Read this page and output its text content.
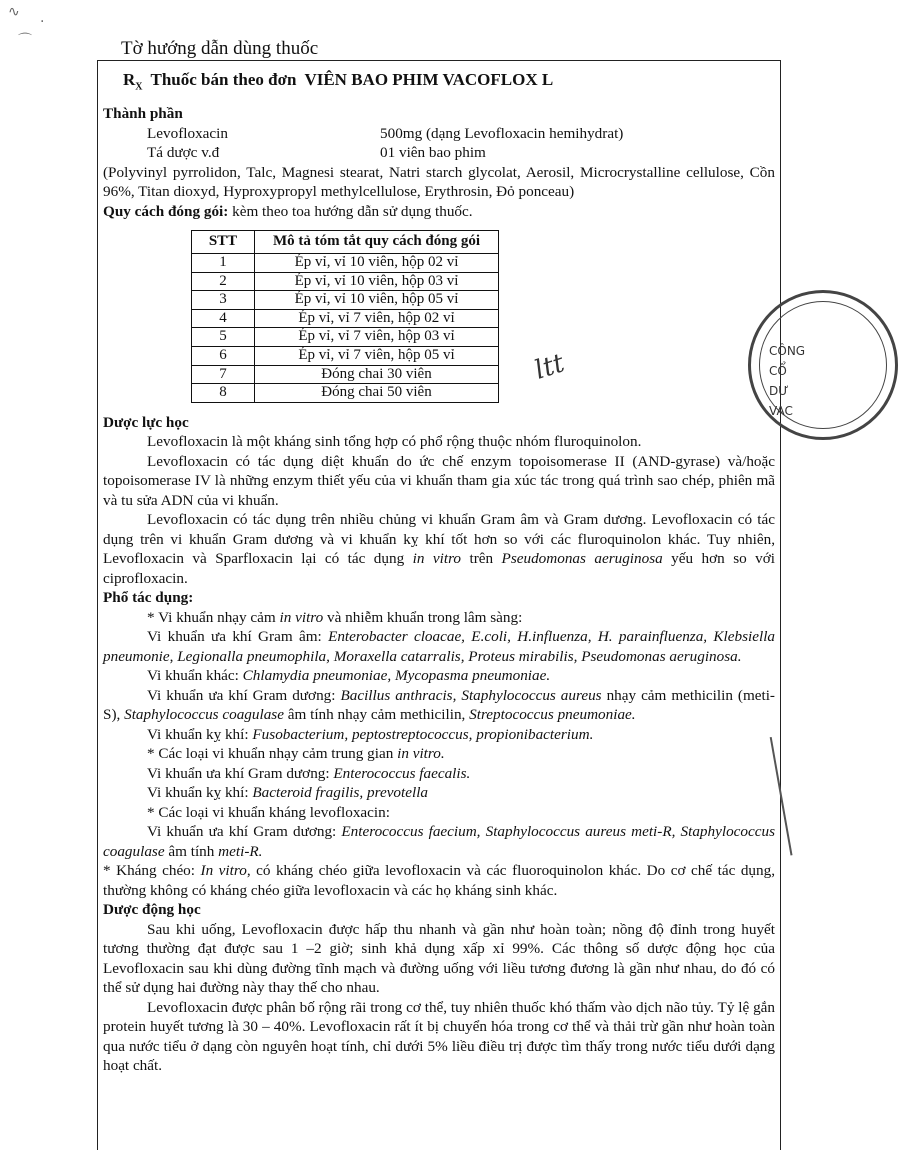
∿
·
⌒	Tờ hướng dẫn dùng thuốc
$R_X$ Thuốc bán theo đơn VIÊN BAO PHIM VACOFLOX L

Thành phần

Levofloxacin	500mg (dạng Levofloxacin hemihydrat)
Tá dược v.đ	01 viên bao phim

(Polyvinyl pyrrolidon, Talc, Magnesi stearat, Natri starch glycolat, Aerosil, Microcrystalline cellulose, Cồn 96%, Titan dioxyd, Hyproxypropyl methylcellulose, Erythrosin, Đỏ ponceau)

Quy cách đóng gói: kèm theo toa hướng dẫn sử dụng thuốc.

STT	Mô tả tóm tắt quy cách đóng gói
1	Ép vỉ, vỉ 10 viên, hộp 02 vỉ
2	Ép vỉ, vỉ 10 viên, hộp 03 vỉ
3	Ép vỉ, vỉ 10 viên, hộp 05 vỉ
4	Ép vỉ, vỉ 7 viên, hộp 02 vỉ
5	Ép vỉ, vỉ 7 viên, hộp 03 vỉ
6	Ép vỉ, vỉ 7 viên, hộp 05 vỉ
7	Đóng chai 30 viên
8	Đóng chai 50 viên

Dược lực học

Levofloxacin là một kháng sinh tổng hợp có phổ rộng thuộc nhóm fluroquinolon.

Levofloxacin có tác dụng diệt khuẩn do ức chế enzym topoisomerase II (AND-gyrase) và/hoặc topoisomerase IV là những enzym thiết yếu của vi khuẩn tham gia xúc tác trong quá trình sao chép, phiên mã và tu sửa ADN của vi khuẩn.

Levofloxacin có tác dụng trên nhiều chủng vi khuẩn Gram âm và Gram dương. Levofloxacin có tác dụng trên vi khuẩn Gram dương và vi khuẩn kỵ khí tốt hơn so với các fluroquinolon khác. Tuy nhiên, Levofloxacin và Sparfloxacin lại có tác dụng in vitro trên Pseudomonas aeruginosa yếu hơn so với ciprofloxacin.

Phổ tác dụng:

* Vi khuẩn nhạy cảm in vitro và nhiễm khuẩn trong lâm sàng:

Vi khuẩn ưa khí Gram âm: Enterobacter cloacae, E.coli, H.influenza, H. parainfluenza, Klebsiella pneumonie, Legionalla pneumophila, Moraxella catarralis, Proteus mirabilis, Pseudomonas aeruginosa.

Vi khuẩn khác: Chlamydia pneumoniae, Mycopasma pneumoniae.

Vi khuẩn ưa khí Gram dương: Bacillus anthracis, Staphylococcus aureus nhạy cảm methicilin (meti-S), Staphylococcus coagulase âm tính nhạy cảm methicilin, Streptococcus pneumoniae.

Vi khuẩn kỵ khí: Fusobacterium, peptostreptococcus, propionibacterium.

* Các loại vi khuẩn nhạy cảm trung gian in vitro.

Vi khuẩn ưa khí Gram dương: Enterococcus faecalis.

Vi khuẩn kỵ khí: Bacteroid fragilis, prevotella

* Các loại vi khuẩn kháng levofloxacin:

Vi khuẩn ưa khí Gram dương: Enterococcus faecium, Staphylococcus aureus meti-R, Staphylococcus coagulase âm tính meti-R.

* Kháng chéo: In vitro, có kháng chéo giữa levofloxacin và các fluoroquinolon khác. Do cơ chế tác dụng, thường không có kháng chéo giữa levofloxacin và các họ kháng sinh khác.

Dược động học

Sau khi uống, Levofloxacin được hấp thu nhanh và gần như hoàn toàn; nồng độ đỉnh trong huyết tương thường đạt được sau 1 –2 giờ; sinh khả dụng xấp xỉ 99%. Các thông số dược động học của Levofloxacin sau khi dùng đường tĩnh mạch và đường uống với liều tương đương là gần như nhau, do đó có thể sử dụng hai đường này thay thế cho nhau.

Levofloxacin được phân bố rộng rãi trong cơ thể, tuy nhiên thuốc khó thấm vào dịch não tủy. Tỷ lệ gắn protein huyết tương là 30 – 40%. Levofloxacin rất ít bị chuyển hóa trong cơ thể và thải trừ gần như hoàn toàn qua nước tiểu ở dạng còn nguyên hoạt tính, chỉ dưới 5% liều điều trị được tìm thấy trong nước tiểu dưới dạng hoạt chất.

ltt	CÔNG
CỔ
DƯ
VAC
